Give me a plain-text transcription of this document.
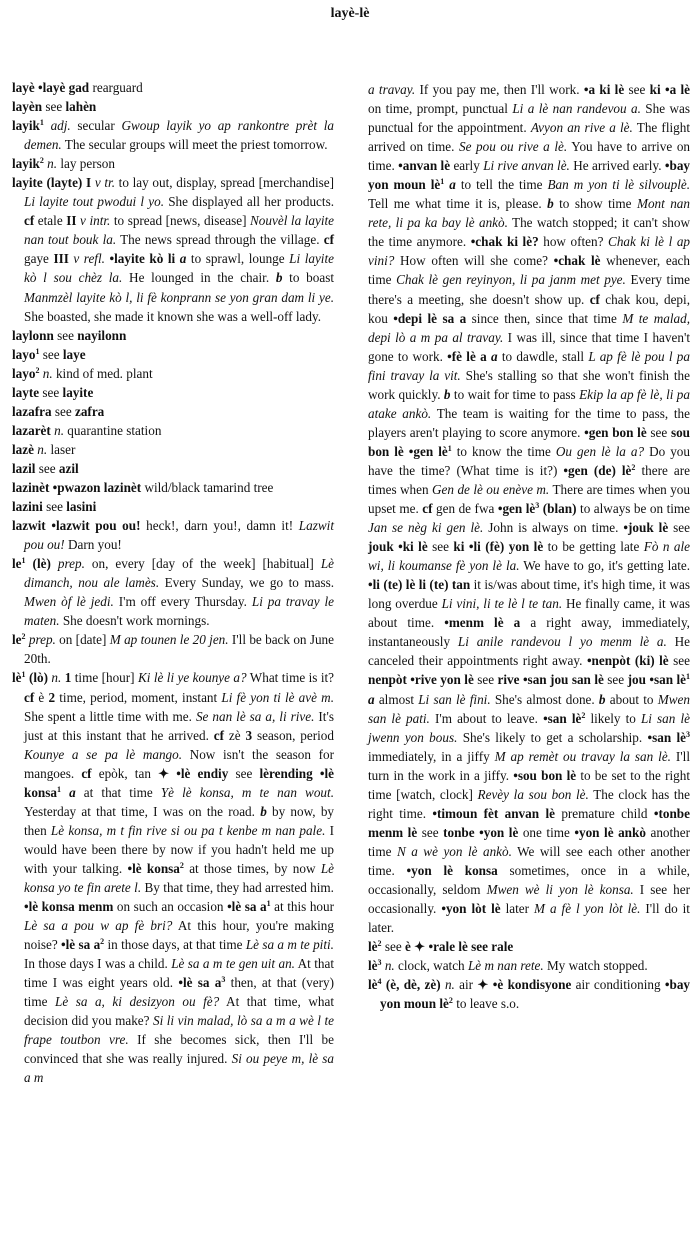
layè-lè

layè •layè gad rearguard

layèn see lahèn

layik$^1$ adj. secular Gwoup layik yo ap rankontre prèt la demen. The secular groups will meet the priest tomorrow.

layik$^2$ n. lay person

layite (layte) I v tr. to lay out, display, spread [merchandise] Li layite tout pwodui l yo. She displayed all her products. cf etale II v intr. to spread [news, disease] Nouvèl la layite nan tout bouk la. The news spread through the village. cf gaye III v refl. •layite kò li a to sprawl, lounge Li layite kò l sou chèz la. He lounged in the chair. b to boast Manmzèl layite kò l, li fè konprann se yon gran dam li ye. She boasted, she made it known she was a well-off lady.

laylonn see nayilonn

layo$^1$ see laye

layo$^2$ n. kind of med. plant

layte see layite

lazafra see zafra

lazarèt n. quarantine station

lazè n. laser

lazil see azil

lazinèt •pwazon lazinèt wild/black tamarind tree

lazini see lasini

lazwit •lazwit pou ou! heck!, darn you!, damn it! Lazwit pou ou! Darn you!

$le^1$ (lè) prep. on, every [day of the week] [habitual] Lè dimanch, nou ale lamès. Every Sunday, we go to mass. Mwen òf lè jedi. I'm off every Thursday. Li pa travay le maten. She doesn't work mornings.

$le^2$ prep. on [date] M ap tounen le 20 jen. I'll be back on June 20th.

$lè^1$ (lò) n. 1 time [hour] Ki lè li ye kounye a? What time is it? cf è 2 time, period, moment, instant Li fè yon ti lè avè m. She spent a little time with me. Se nan lè sa a, li rive. It's just at this instant that he arrived. cf zè 3 season, period Kounye a se pa lè mango. Now isn't the season for mangoes. cf epòk, tan ✦ •lè endiy see lèrending •lè konsa$^1$ a at that time Yè lè konsa, m te nan wout. Yesterday at that time, I was on the road. b by now, by then Lè konsa, m t fin rive si ou pa t kenbe m nan pale. I would have been there by now if you hadn't held me up with your talking. •lè konsa$^2$ at those times, by now Lè konsa yo te fin arete l. By that time, they had arrested him. •lè konsa menm on such an occasion •lè sa $a^1$ at this hour Lè sa a pou w ap fè bri? At this hour, you're making noise? •lè sa $a^2$ in those days, at that time Lè sa a m te piti. In those days I was a child. Lè sa a m te gen uit an. At that time I was eight years old. •lè sa $a^3$ then, at that (very) time Lè sa a, ki desizyon ou fè? At that time, what decision did you make? Si li vin malad, lò sa a m a wè l te frape toutbon vre. If she becomes sick, then I'll be convinced that she was really injured. Si ou peye m, lè sa a m

a travay. If you pay me, then I'll work. •a ki lè see ki •a lè on time, prompt, punctual Li a lè nan randevou a. She was punctual for the appointment. Avyon an rive a lè. The flight arrived on time. Se pou ou rive a lè. You have to arrive on time. •anvan lè early Li rive anvan lè. He arrived early. •bay yon moun $lè^1$ a to tell the time Ban m yon ti lè silvouplè. Tell me what time it is, please. b to show time Mont nan rete, li pa ka bay lè ankò. The watch stopped; it can't show the time anymore. •chak ki lè? how often? Chak ki lè l ap vini? How often will she come? •chak lè whenever, each time Chak lè gen reyinyon, li pa janm met pye. Every time there's a meeting, she doesn't show up. cf chak kou, depi, kou •depi lè sa a since then, since that time M te malad, depi lò a m pa al travay. I was ill, since that time I haven't gone to work. •fè lè a a to dawdle, stall L ap fè lè pou l pa fini travay la vit. She's stalling so that she won't finish the work quickly. b to wait for time to pass Ekip la ap fè lè, li pa atake ankò. The team is waiting for the time to pass, the players aren't playing to score anymore. •gen bon lè see sou bon lè •gen $lè^1$ to know the time Ou gen lè la a? Do you have the time? (What time is it?) •gen (de) $lè^2$ there are times when Gen de lè ou enève m. There are times when you upset me. cf gen de fwa •gen $lè^3$ (blan) to always be on time Jan se nèg ki gen lè. John is always on time. •jouk lè see jouk •ki lè see ki •li (fè) yon lè to be getting late Fò n ale wi, li koumanse fè yon lè la. We have to go, it's getting late. •li (te) lè li (te) tan it is/was about time, it's high time, it was long overdue Li vini, li te lè l te tan. He finally came, it was about time. •menm lè a a right away, immediately, instantaneously Li anile randevou l yo menm lè a. He canceled their appointments right away. •nenpòt (ki) lè see nenpòt •rive yon lè see rive •san jou san lè see jou •san $lè^1$ a almost Li san lè fini. She's almost done. b about to Mwen san lè pati. I'm about to leave. •san $lè^2$ likely to Li san lè jwenn yon bous. She's likely to get a scholarship. •san $lè^3$ immediately, in a jiffy M ap remèt ou travay la san lè. I'll turn in the work in a jiffy. •sou bon lè to be set to the right time [watch, clock] Revèy la sou bon lè. The clock has the right time. •timoun fèt anvan lè premature child •tonbe menm lè see tonbe •yon lè one time •yon lè ankò another time N a wè yon lè ankò. We will see each other another time. •yon lè konsa sometimes, once in a while, occasionally, seldom Mwen wè li yon lè konsa. I see her occasionally. •yon lòt lè later M a fè l yon lòt lè. I'll do it later.

$lè^2$ see è ✦ •rale lè see rale

$lè^3$ n. clock, watch Lè m nan rete. My watch stopped.

$lè^4$ (è, dè, zè) n. air ✦ •è kondisyone air conditioning •bay yon moun $lè^2$ to leave s.o.
